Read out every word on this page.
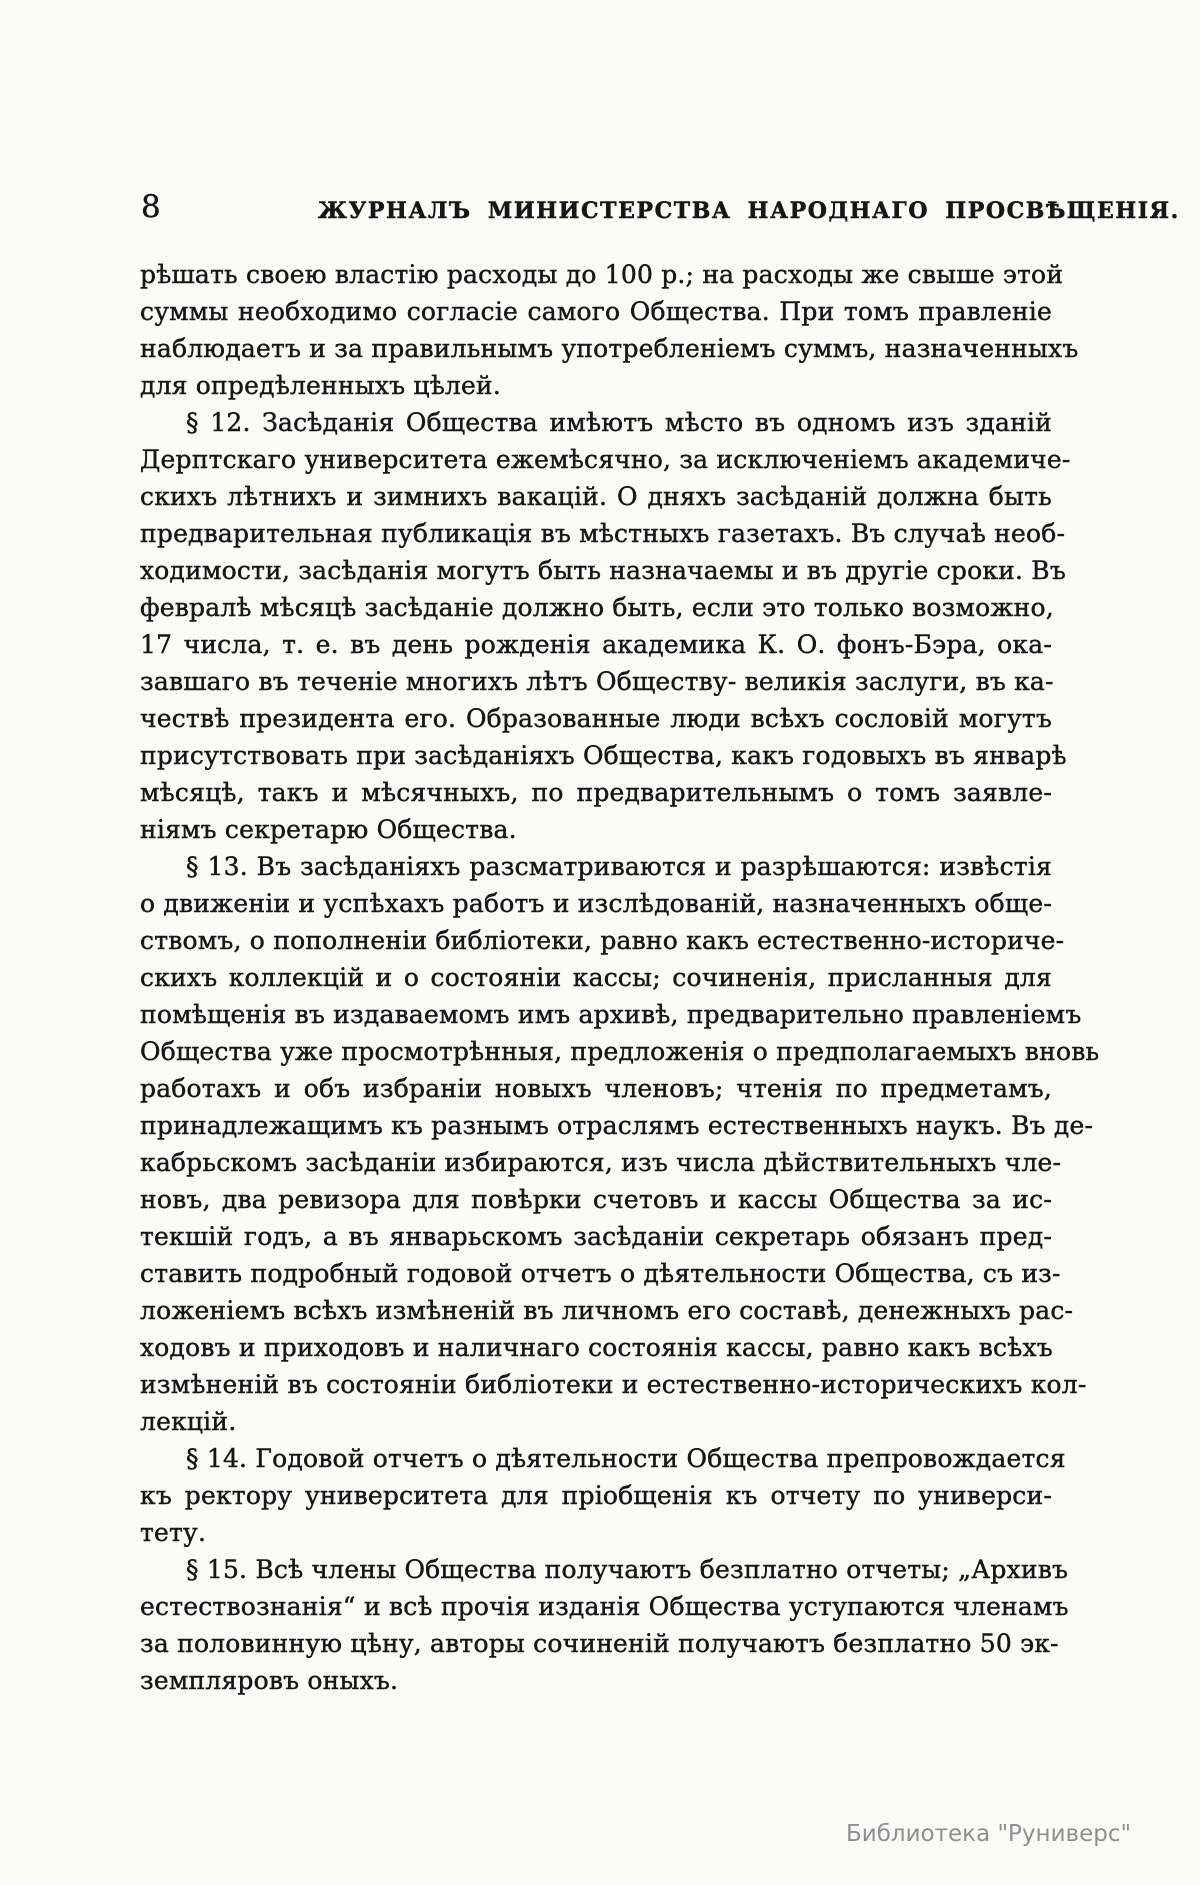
8	ЖУРНАЛЪ МИНИСТЕРСТВА НАРОДНАГО ПРОСВѢЩЕНІЯ.
рѣшать своею властію расходы до 100 р.; на расходы же свыше этой
суммы необходимо согласіе самого Общества. При томъ правленіе
наблюдаетъ и за правильнымъ употребленіемъ суммъ, назначенныхъ
для опредѣленныхъ цѣлей.
§ 12. Засѣданія Общества имѣютъ мѣсто въ одномъ изъ зданій
Дерптскаго университета ежемѣсячно, за исключеніемъ академиче-
скихъ лѣтнихъ и зимнихъ вакацій. О дняхъ засѣданій должна быть
предварительная публикація въ мѣстныхъ газетахъ. Въ случаѣ необ-
ходимости, засѣданія могутъ быть назначаемы и въ другіе сроки. Въ
февралѣ мѣсяцѣ засѣданіе должно быть, если это только возможно,
17 числа, т. е. въ день рожденія академика К. О. фонъ-Бэра, ока-
завшаго въ теченіе многихъ лѣтъ Обществу- великія заслуги, въ ка-
чествѣ президента его. Образованные люди всѣхъ сословій могутъ
присутствовать при засѣданіяхъ Общества, какъ годовыхъ въ январѣ
мѣсяцѣ, такъ и мѣсячныхъ, по предварительнымъ о томъ заявле-
ніямъ секретарю Общества.
§ 13. Въ засѣданіяхъ разсматриваются и разрѣшаются: извѣстія
о движеніи и успѣхахъ работъ и изслѣдованій, назначенныхъ обще-
ствомъ, о пополненіи библіотеки, равно какъ естественно-историче-
скихъ коллекцій и о состояніи кассы; сочиненія, присланныя для
помѣщенія въ издаваемомъ имъ архивѣ, предварительно правленіемъ
Общества уже просмотрѣнныя, предложенія о предполагаемыхъ вновь
работахъ и объ избраніи новыхъ членовъ; чтенія по предметамъ,
принадлежащимъ къ разнымъ отраслямъ естественныхъ наукъ. Въ де-
кабрьскомъ засѣданіи избираются, изъ числа дѣйствительныхъ чле-
новъ, два ревизора для повѣрки счетовъ и кассы Общества за ис-
текшій годъ, а въ январьскомъ засѣданіи секретарь обязанъ пред-
ставить подробный годовой отчетъ о дѣятельности Общества, съ из-
ложеніемъ всѣхъ измѣненій въ личномъ его составѣ, денежныхъ рас-
ходовъ и приходовъ и наличнаго состоянія кассы, равно какъ всѣхъ
измѣненій въ состояніи библіотеки и естественно-историческихъ кол-
лекцій.
§ 14. Годовой отчетъ о дѣятельности Общества препровождается
къ ректору университета для пріобщенія къ отчету по универси-
тету.
§ 15. Всѣ члены Общества получаютъ безплатно отчеты; „Архивъ
естествознанія“ и всѣ прочія изданія Общества уступаются членамъ
за половинную цѣну, авторы сочиненій получаютъ безплатно 50 эк-
земпляровъ оныхъ.
Библиотека "Руниверс"
